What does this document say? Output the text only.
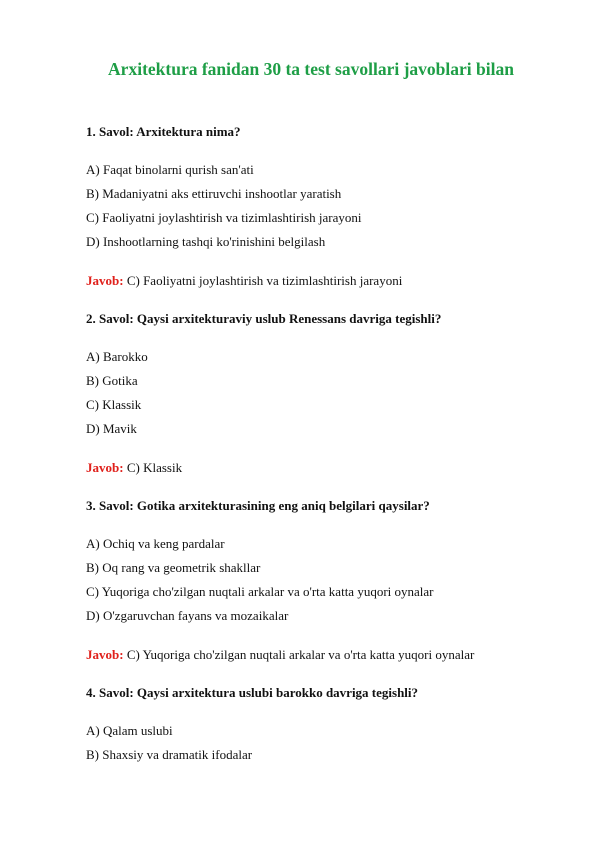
Arxitektura fanidan 30 ta test savollari javoblari bilan
1. Savol: Arxitektura nima?
A) Faqat binolarni qurish san'ati
B) Madaniyatni aks ettiruvchi inshootlar yaratish
C) Faoliyatni joylashtirish va tizimlashtirish jarayoni
D) Inshootlarning tashqi ko'rinishini belgilash
Javob: C) Faoliyatni joylashtirish va tizimlashtirish jarayoni
2. Savol: Qaysi arxitekturaviy uslub Renessans davriga tegishli?
A) Barokko
B) Gotika
C) Klassik
D) Mavik
Javob: C) Klassik
3. Savol: Gotika arxitekturasining eng aniq belgilari qaysilar?
A) Ochiq va keng pardalar
B) Oq rang va geometrik shakllar
C) Yuqoriga cho'zilgan nuqtali arkalar va o'rta katta yuqori oynalar
D) O'zgaruvchan fayans va mozaikalar
Javob: C) Yuqoriga cho'zilgan nuqtali arkalar va o'rta katta yuqori oynalar
4. Savol: Qaysi arxitektura uslubi barokko davriga tegishli?
A) Qalam uslubi
B) Shaxsiy va dramatik ifodalar
